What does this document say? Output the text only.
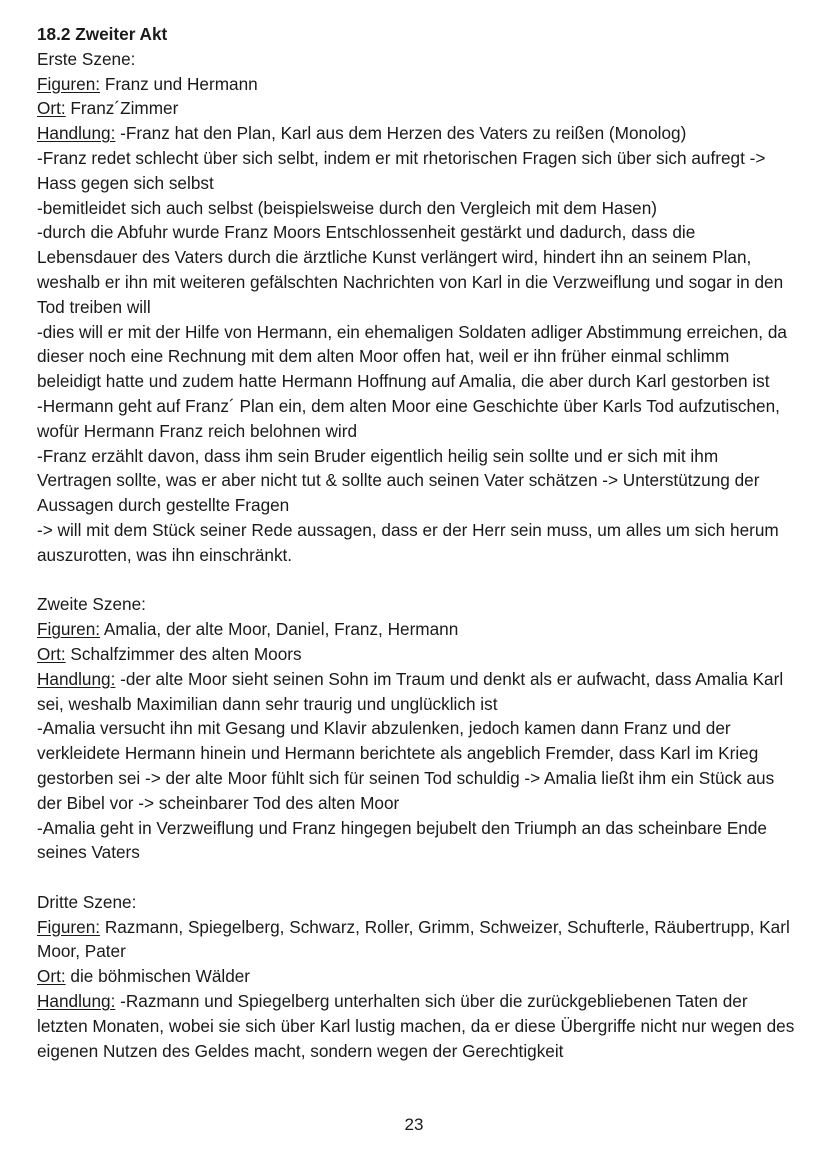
18.2 Zweiter Akt

Erste Szene:

Figuren: Franz und Hermann

Ort: Franz´Zimmer

Handlung: -Franz hat den Plan, Karl aus dem Herzen des Vaters zu reißen (Monolog)

-Franz redet schlecht über sich selbt, indem er mit rhetorischen Fragen sich über sich aufregt -> Hass gegen sich selbst

-bemitleidet sich auch selbst (beispielsweise durch den Vergleich mit dem Hasen)

-durch die Abfuhr wurde Franz Moors Entschlossenheit gestärkt und dadurch, dass die Lebensdauer des Vaters durch die ärztliche Kunst verlängert wird, hindert ihn an seinem Plan, weshalb er ihn mit weiteren gefälschten Nachrichten von Karl in die Verzweiflung und sogar in den Tod treiben will

-dies will er mit der Hilfe von Hermann, ein ehemaligen Soldaten adliger Abstimmung erreichen, da dieser noch eine Rechnung mit dem alten Moor offen hat, weil er ihn früher einmal schlimm beleidigt hatte und zudem hatte Hermann Hoffnung auf Amalia, die aber durch Karl gestorben ist

-Hermann geht auf Franz´ Plan ein, dem alten Moor eine Geschichte über Karls Tod aufzutischen, wofür Hermann Franz reich belohnen wird

-Franz erzählt davon, dass ihm sein Bruder eigentlich heilig sein sollte und er sich mit ihm Vertragen sollte, was er aber nicht tut & sollte auch seinen Vater schätzen -> Unterstützung der Aussagen durch gestellte Fragen

-> will mit dem Stück seiner Rede aussagen, dass er der Herr sein muss, um alles um sich herum auszurotten, was ihn einschränkt.

Zweite Szene:

Figuren: Amalia, der alte Moor, Daniel, Franz, Hermann

Ort: Schalfzimmer des alten Moors

Handlung: -der alte Moor sieht seinen Sohn im Traum und denkt als er aufwacht, dass Amalia Karl sei, weshalb Maximilian dann sehr traurig und unglücklich ist

-Amalia versucht ihn mit Gesang und Klavir abzulenken, jedoch kamen dann Franz und der verkleidete Hermann hinein und Hermann berichtete als angeblich Fremder, dass Karl im Krieg gestorben sei -> der alte Moor fühlt sich für seinen Tod schuldig -> Amalia ließt ihm ein Stück aus der Bibel vor -> scheinbarer Tod des alten Moor

-Amalia geht in Verzweiflung und Franz hingegen bejubelt den Triumph an das scheinbare Ende seines Vaters

Dritte Szene:

Figuren: Razmann, Spiegelberg, Schwarz, Roller, Grimm, Schweizer, Schufterle, Räubertrupp, Karl Moor, Pater

Ort: die böhmischen Wälder

Handlung: -Razmann und Spiegelberg unterhalten sich über die zurückgebliebenen Taten der letzten Monaten, wobei sie sich über Karl lustig machen, da er diese Übergriffe nicht nur wegen des eigenen Nutzen des Geldes macht, sondern wegen der Gerechtigkeit

23
